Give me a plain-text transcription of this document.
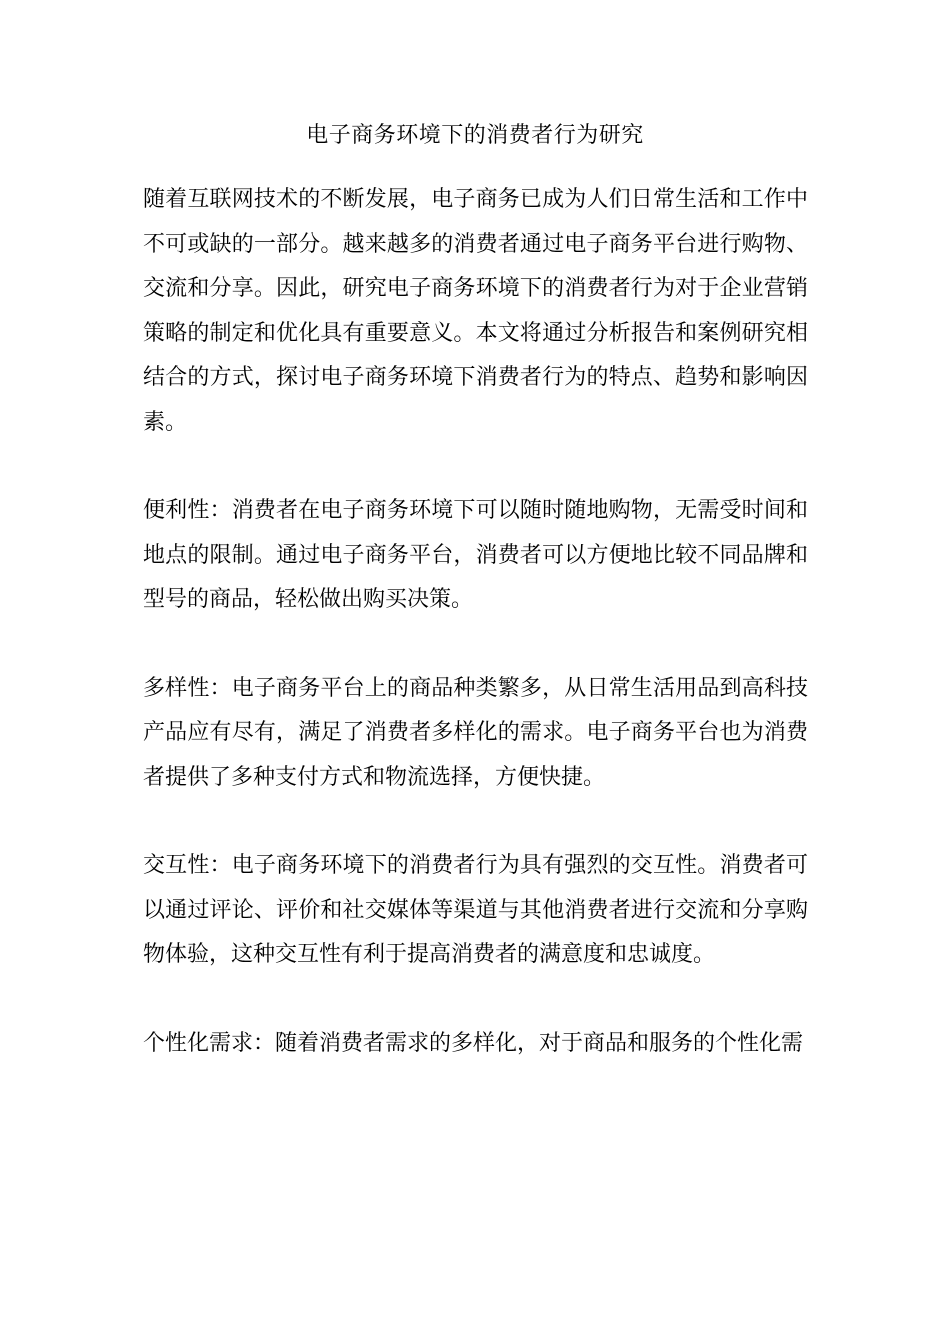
电子商务环境下的消费者行为研究

随着互联网技术的不断发展，电子商务已成为人们日常生活和工作中不可或缺的一部分。越来越多的消费者通过电子商务平台进行购物、交流和分享。因此，研究电子商务环境下的消费者行为对于企业营销策略的制定和优化具有重要意义。本文将通过分析报告和案例研究相结合的方式，探讨电子商务环境下消费者行为的特点、趋势和影响因素。

便利性：消费者在电子商务环境下可以随时随地购物，无需受时间和地点的限制。通过电子商务平台，消费者可以方便地比较不同品牌和型号的商品，轻松做出购买决策。

多样性：电子商务平台上的商品种类繁多，从日常生活用品到高科技产品应有尽有，满足了消费者多样化的需求。电子商务平台也为消费者提供了多种支付方式和物流选择，方便快捷。

交互性：电子商务环境下的消费者行为具有强烈的交互性。消费者可以通过评论、评价和社交媒体等渠道与其他消费者进行交流和分享购物体验，这种交互性有利于提高消费者的满意度和忠诚度。

个性化需求：随着消费者需求的多样化，对于商品和服务的个性化需
